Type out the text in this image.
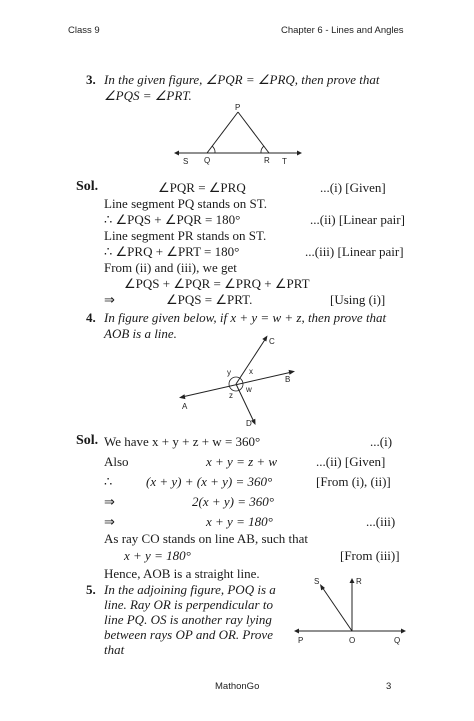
Class 9	Chapter 6 - Lines and Angles
3. In the given figure, ∠PQR = ∠PRQ, then prove that
∠PQS = ∠PRT.
P
S Q	R T
Sol.	∠PQR = ∠PRQ	...(i) [Given]
Line segment PQ stands on ST.
∴ ∠PQS + ∠PQR = 180°	...(ii) [Linear pair]
Line segment PR stands on ST.
∴ ∠PRQ + ∠PRT = 180°	...(iii) [Linear pair]
From (ii) and (iii), we get
∠PQS + ∠PQR = ∠PRQ + ∠PRT
⇒	∠PQS = ∠PRT.	[Using (i)]
4. In figure given below, if x + y = w + z, then prove that
AOB is a line.
C
y x
B
w
z
A
D
Sol. We have x + y + z + w = 360°	...(i)
Also	x + y = z + w	...(ii) [Given]
∴	(x + y) + (x + y) = 360°	[From (i), (ii)]
⇒	2(x + y) = 360°
⇒	x + y = 180°	...(iii)
As ray CO stands on line AB, such that
x + y = 180°	[From (iii)]
Hence, AOB is a straight line.
5. In the adjoining figure, POQ is a
line. Ray OR is perpendicular to
line PQ. OS is another ray lying
between rays OP and OR. Prove
that
S	R
P	O	Q
MathonGo	3
